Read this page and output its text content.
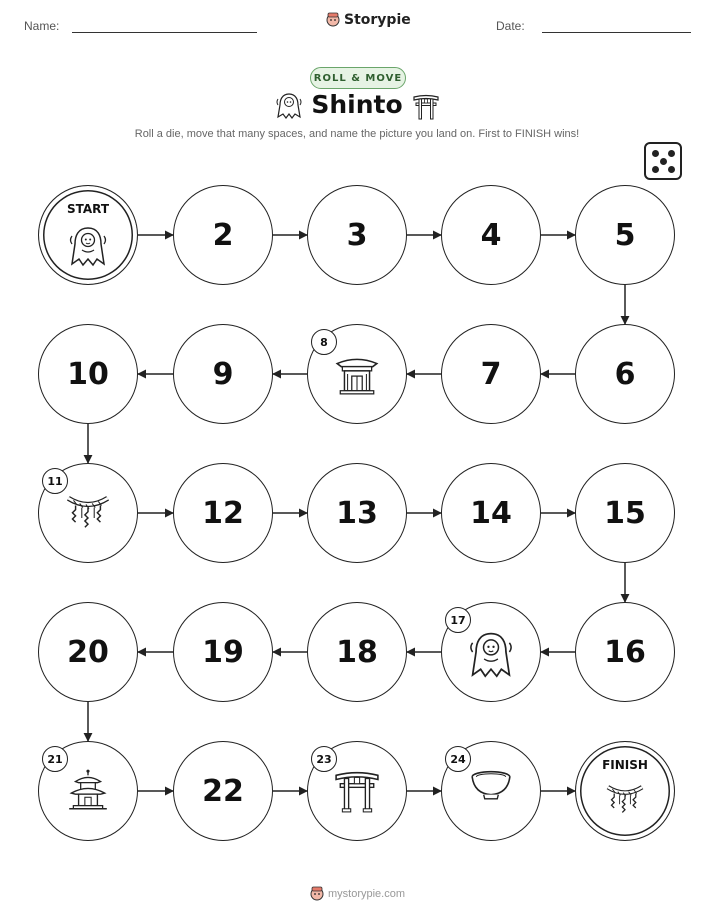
Name:	Storypie	Date:
ROLL & MOVE
Shinto
Roll a die, move that many spaces, and name the picture you land on. First to FINISH wins!
START
2	3	4	5
6
7
8
9
10
11
12	13	14	15
16
17
18
19
20
21
22
23	24	FINISH
mystorypie.com
